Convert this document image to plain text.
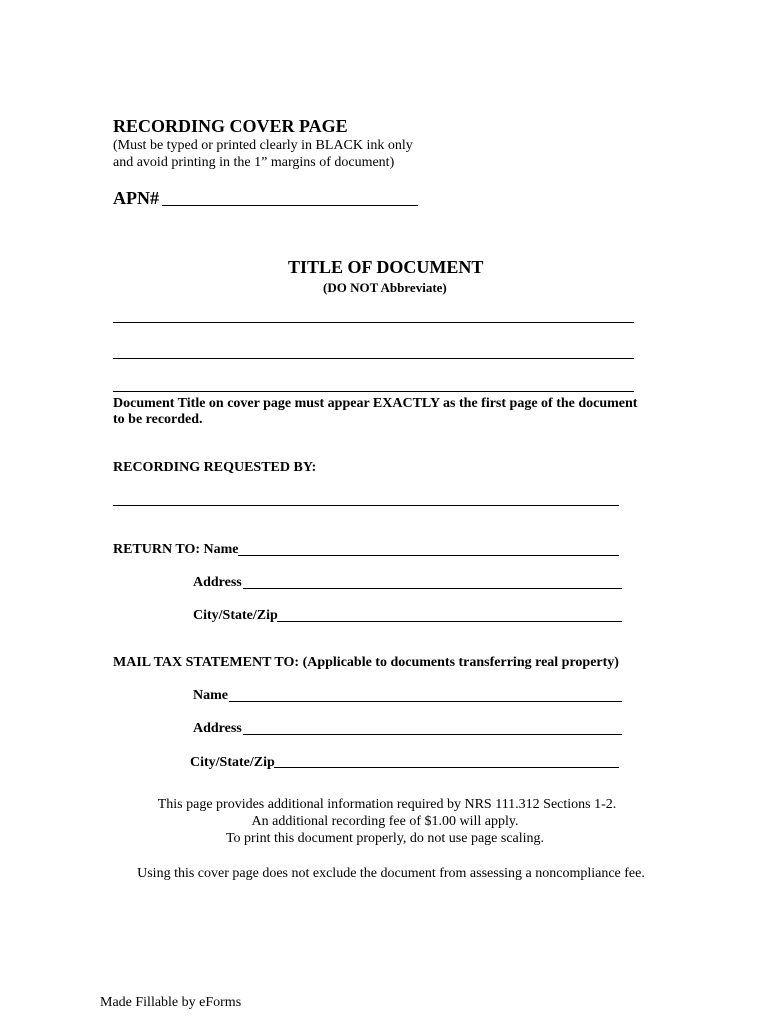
RECORDING COVER PAGE
(Must be typed or printed clearly in BLACK ink only
and avoid printing in the 1” margins of document)
APN#
TITLE OF DOCUMENT
(DO NOT Abbreviate)
Document Title on cover page must appear EXACTLY as the first page of the document
to be recorded.
RECORDING REQUESTED BY:
RETURN TO: Name
Address
City/State/Zip
MAIL TAX STATEMENT TO: (Applicable to documents transferring real property)
Name
Address
City/State/Zip
This page provides additional information required by NRS 111.312 Sections 1-2.
An additional recording fee of $1.00 will apply.
To print this document properly, do not use page scaling.
Using this cover page does not exclude the document from assessing a noncompliance fee.
Made Fillable by eForms
